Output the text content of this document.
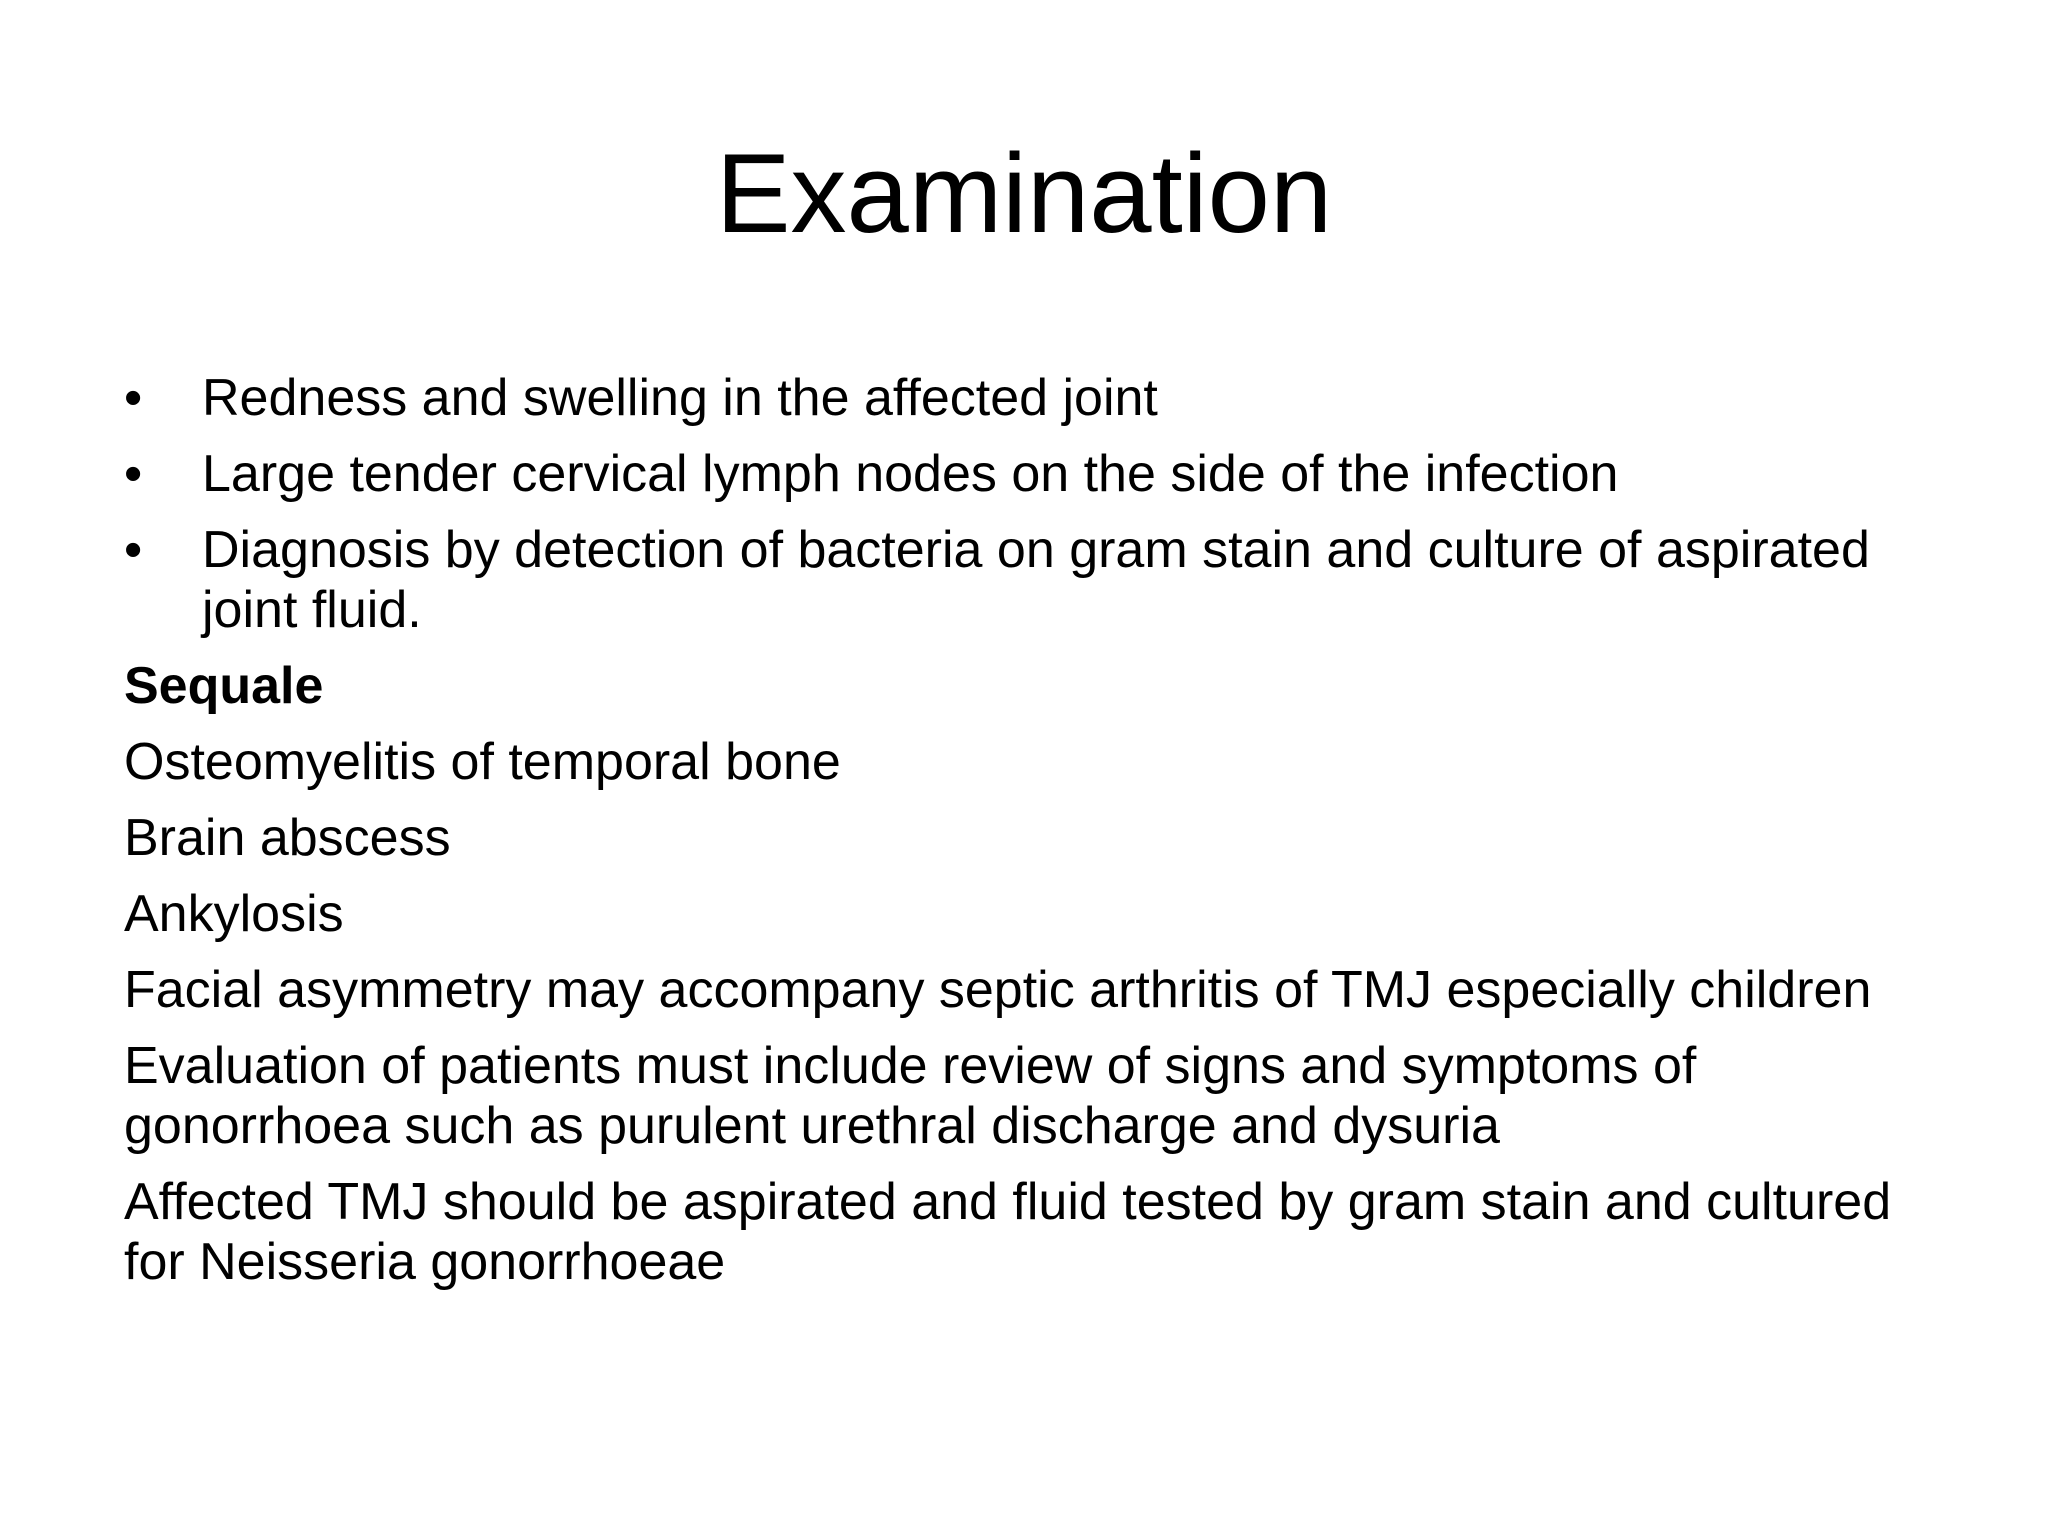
Examination
• Redness and swelling in the affected joint
• Large tender cervical lymph nodes on the side of the infection
• Diagnosis by detection of bacteria on gram stain and culture of aspirated joint fluid.

Sequale

Osteomyelitis of temporal bone

Brain abscess

Ankylosis

Facial asymmetry may accompany septic arthritis of TMJ especially children

Evaluation of patients must include review of signs and symptoms of gonorrhoea such as purulent urethral discharge and dysuria

Affected TMJ should be aspirated and fluid tested by gram stain and cultured for Neisseria gonorrhoeae
